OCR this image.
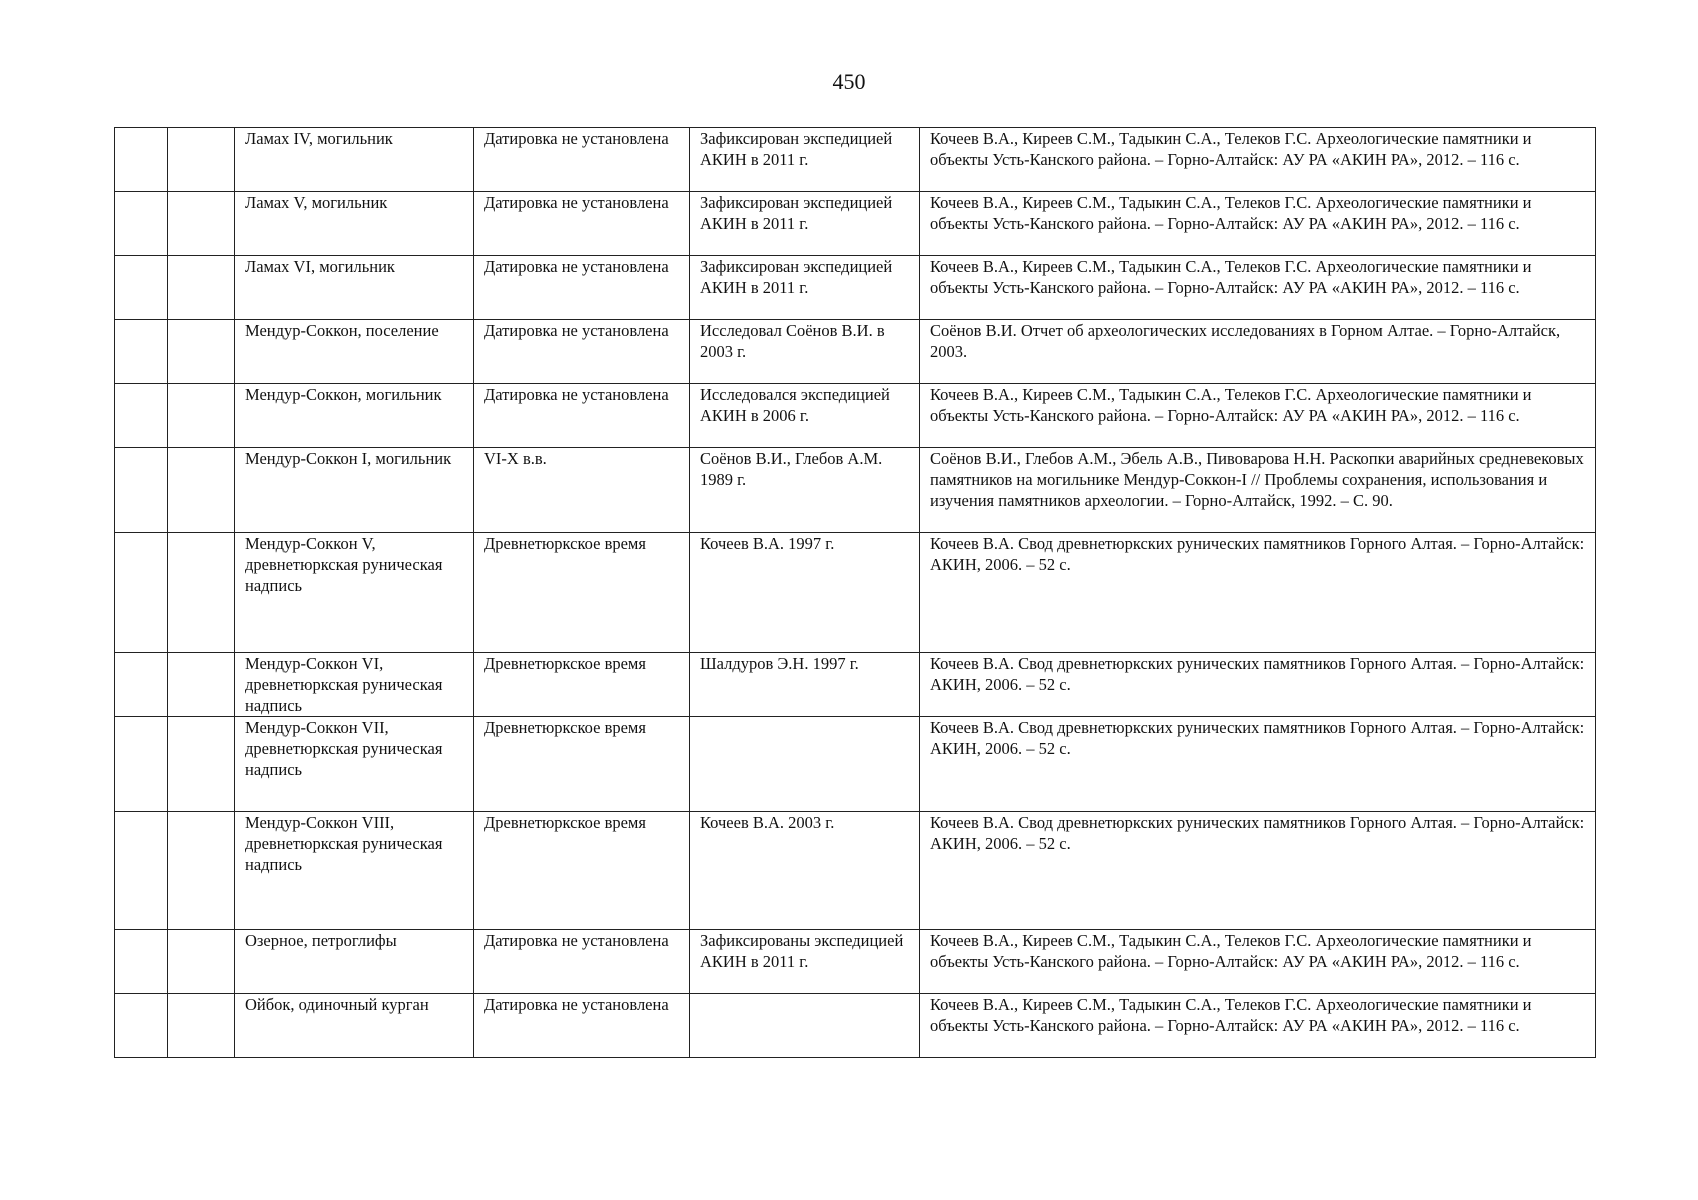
450
		Ламах IV, могильник	Датировка не установлена	Зафиксирован экспедицией АКИН в 2011 г.	Кочеев В.А., Киреев С.М., Тадыкин С.А., Телеков Г.С. Археологические памятники и объекты Усть-Канского района. – Горно-Алтайск: АУ РА «АКИН РА», 2012. – 116 с.
		Ламах V, могильник	Датировка не установлена	Зафиксирован экспедицией АКИН в 2011 г.	Кочеев В.А., Киреев С.М., Тадыкин С.А., Телеков Г.С. Археологические памятники и объекты Усть-Канского района. – Горно-Алтайск: АУ РА «АКИН РА», 2012. – 116 с.
		Ламах VI, могильник	Датировка не установлена	Зафиксирован экспедицией АКИН в 2011 г.	Кочеев В.А., Киреев С.М., Тадыкин С.А., Телеков Г.С. Археологические памятники и объекты Усть-Канского района. – Горно-Алтайск: АУ РА «АКИН РА», 2012. – 116 с.
		Мендур-Соккон, поселение	Датировка не установлена	Исследовал Соёнов В.И. в 2003 г.	Соёнов В.И. Отчет об археологических исследованиях в Горном Алтае. – Горно-Алтайск, 2003.
		Мендур-Соккон, могильник	Датировка не установлена	Исследовался экспедицией АКИН в 2006 г.	Кочеев В.А., Киреев С.М., Тадыкин С.А., Телеков Г.С. Археологические памятники и объекты Усть-Канского района. – Горно-Алтайск: АУ РА «АКИН РА», 2012. – 116 с.
		Мендур-Соккон I, могильник	VI-X в.в.	Соёнов В.И., Глебов А.М. 1989 г.	Соёнов В.И., Глебов А.М., Эбель А.В., Пивоварова Н.Н. Раскопки аварийных средневековых памятников на могильнике Мендур-Соккон-I // Проблемы сохранения, использования и изучения памятников археологии. – Горно-Алтайск, 1992. – С. 90.
		Мендур-Соккон V, древнетюркская руническая надпись	Древнетюркское время	Кочеев В.А. 1997 г.	Кочеев В.А. Свод древнетюркских рунических памятников Горного Алтая. – Горно-Алтайск: АКИН, 2006. – 52 с.
		Мендур-Соккон VI, древнетюркская руническая надпись	Древнетюркское время	Шалдуров Э.Н. 1997 г.	Кочеев В.А. Свод древнетюркских рунических памятников Горного Алтая. – Горно-Алтайск: АКИН, 2006. – 52 с.
		Мендур-Соккон VII, древнетюркская руническая надпись	Древнетюркское время		Кочеев В.А. Свод древнетюркских рунических памятников Горного Алтая. – Горно-Алтайск: АКИН, 2006. – 52 с.
		Мендур-Соккон VIII, древнетюркская руническая надпись	Древнетюркское время	Кочеев В.А. 2003 г.	Кочеев В.А. Свод древнетюркских рунических памятников Горного Алтая. – Горно-Алтайск: АКИН, 2006. – 52 с.
		Озерное, петроглифы	Датировка не установлена	Зафиксированы экспедицией АКИН в 2011 г.	Кочеев В.А., Киреев С.М., Тадыкин С.А., Телеков Г.С. Археологические памятники и объекты Усть-Канского района. – Горно-Алтайск: АУ РА «АКИН РА», 2012. – 116 с.
		Ойбок, одиночный курган	Датировка не установлена		Кочеев В.А., Киреев С.М., Тадыкин С.А., Телеков Г.С. Археологические памятники и объекты Усть-Канского района. – Горно-Алтайск: АУ РА «АКИН РА», 2012. – 116 с.
